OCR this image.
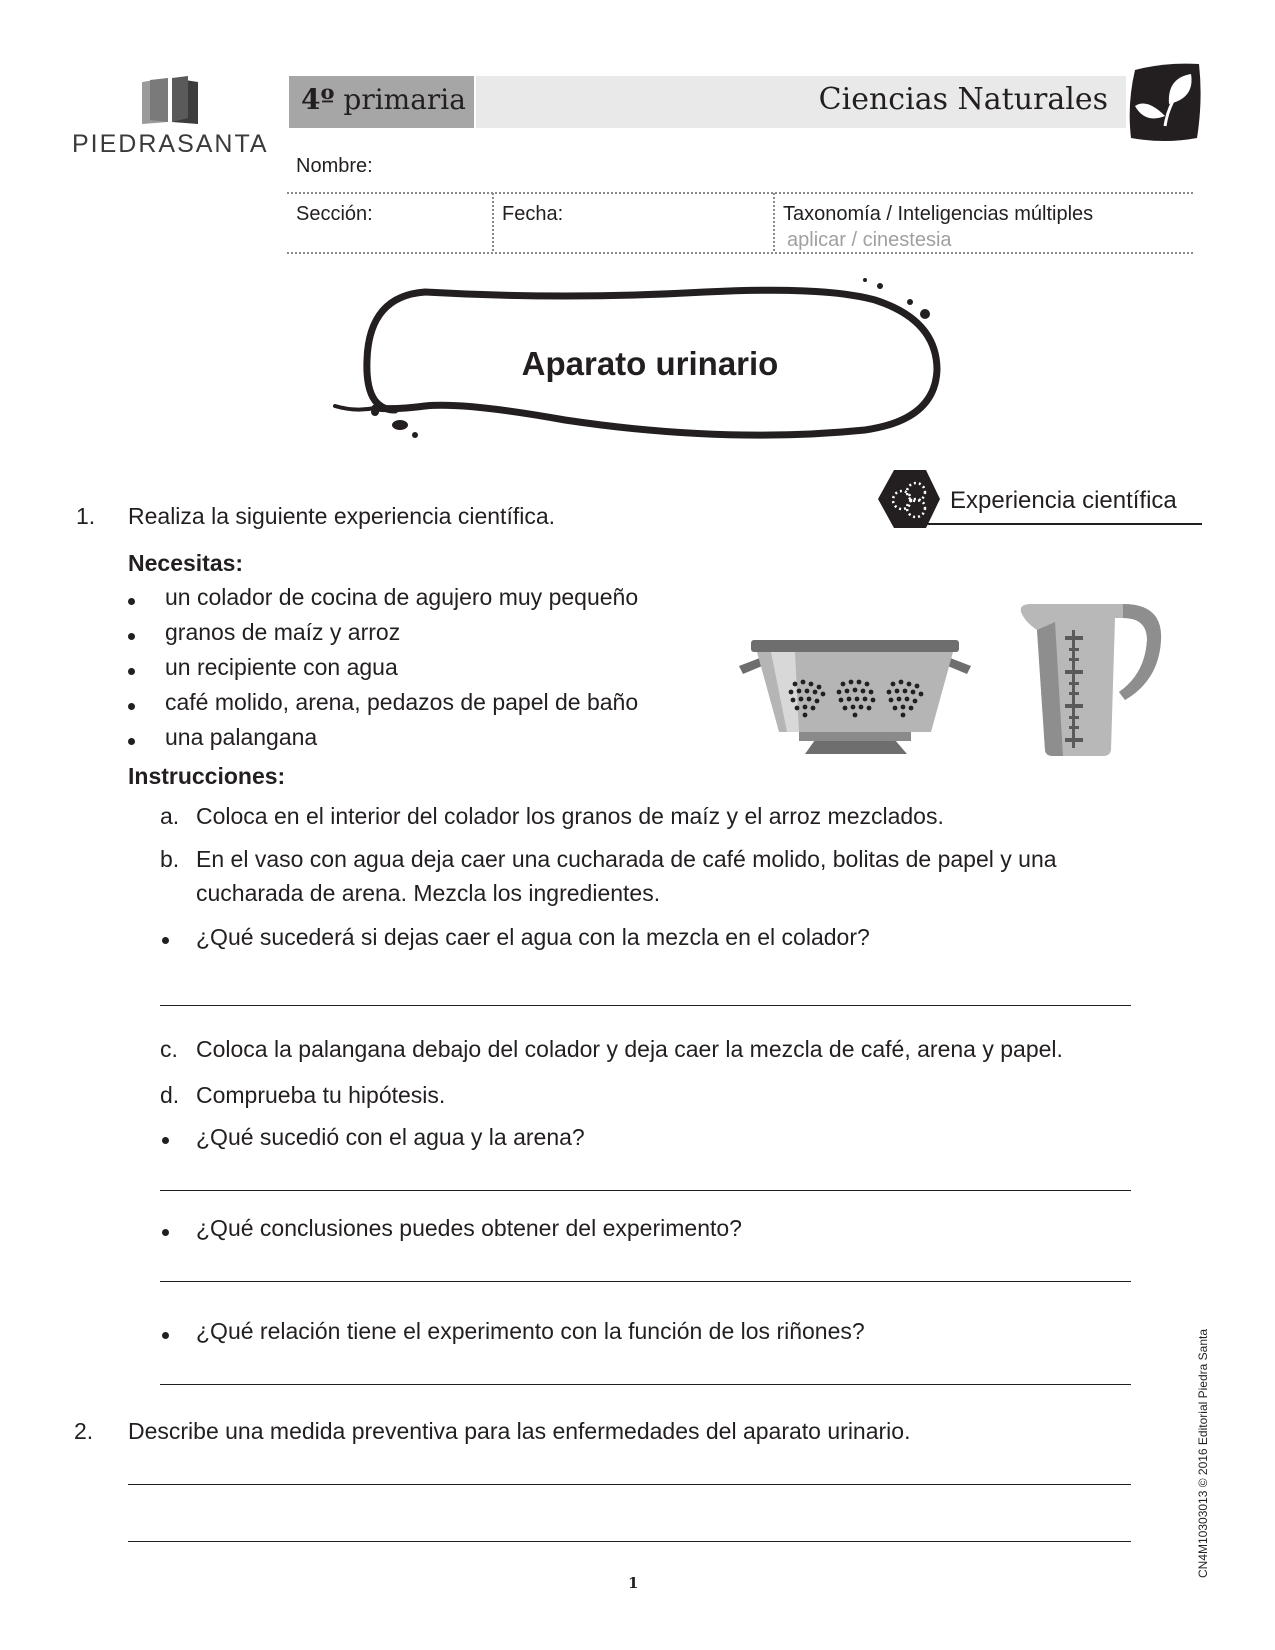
PIEDRASANTA
4º primaria	Ciencias Naturales
Nombre:
Sección:	Fecha:	Taxonomía / Inteligencias múltiples
aplicar / cinestesia
Aparato urinario
Experiencia científica
1. Realiza la siguiente experiencia científica.
Necesitas:
un colador de cocina de agujero muy pequeño
granos de maíz y arroz
un recipiente con agua
café molido, arena, pedazos de papel de baño
una palangana
Instrucciones:
a. Coloca en el interior del colador los granos de maíz y el arroz mezclados.
b. En el vaso con agua deja caer una cucharada de café molido, bolitas de papel y una
cucharada de arena. Mezcla los ingredientes.
¿Qué sucederá si dejas caer el agua con la mezcla en el colador?
c. Coloca la palangana debajo del colador y deja caer la mezcla de café, arena y papel.
d. Comprueba tu hipótesis.
¿Qué sucedió con el agua y la arena?
¿Qué conclusiones puedes obtener del experimento?
¿Qué relación tiene el experimento con la función de los riñones?
2. Describe una medida preventiva para las enfermedades del aparato urinario.
1
CN4M10303013 © 2016 Editorial Piedra Santa
